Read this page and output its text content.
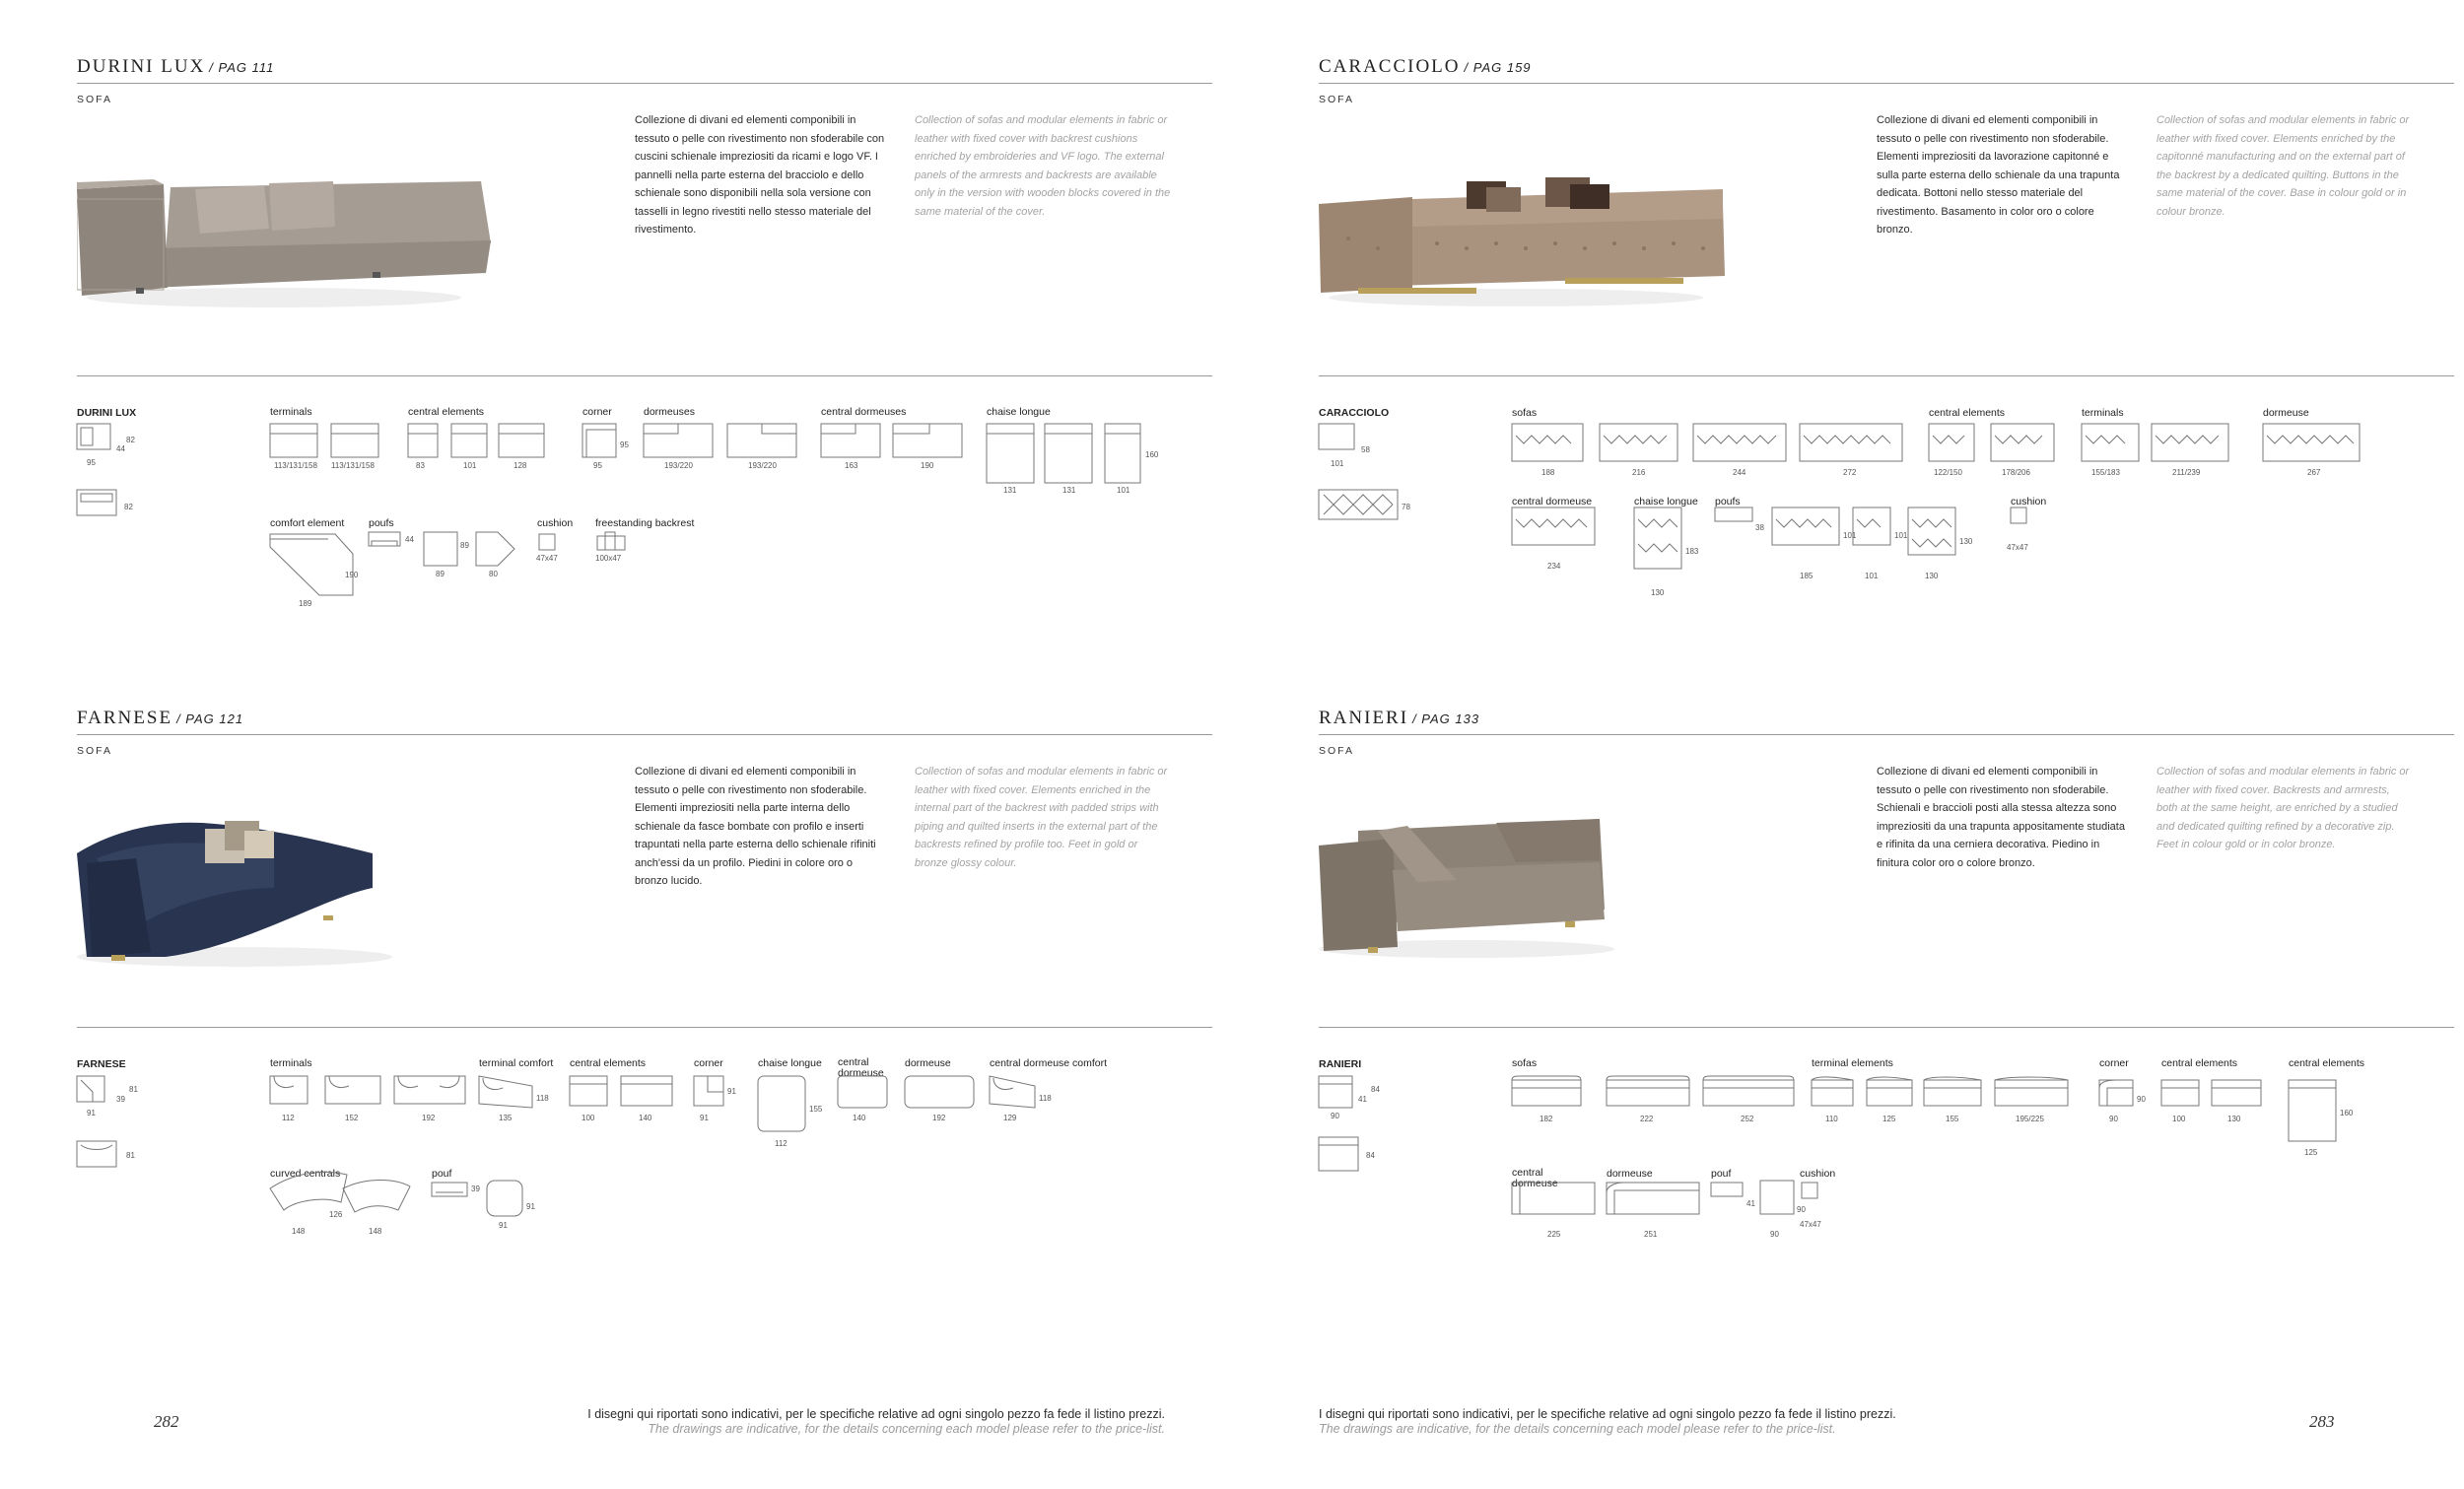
DURINI LUX / PAG 111
SOFA
Collezione di divani ed elementi componibili in tessuto o pelle con rivestimento non sfoderabile con cuscini schienale impreziositi da ricami e logo VF. I pannelli nella parte esterna del bracciolo e dello schienale sono disponibili nella sola versione con tasselli in legno rivestiti nello stesso materiale del rivestimento.
Collection of sofas and modular elements in fabric or leather with fixed cover with backrest cushions enriched by embroideries and VF logo. The external panels of the armrests and backrests are available only in the version with wooden blocks covered in the same material of the cover.
DURINI LUX	terminals	central elements	corner	dormeuses	central dormeuses	chaise longue
comfort element poufs	cushion freestanding backrest
95
44
82
82
113/131/158 113/131/158	83	101	128	95
95
193/220	193/220	163	190
131	131	101
160
190
189
44
89
89
80
47x47	100x47
CARACCIOLO / PAG 159
SOFA
Collezione di divani ed elementi componibili in tessuto o pelle con rivestimento non sfoderabile. Elementi impreziositi da lavorazione capitonné e sulla parte esterna dello schienale da una trapunta dedicata. Bottoni nello stesso materiale del rivestimento. Basamento in color oro o colore bronzo.
Collection of sofas and modular elements in fabric or leather with fixed cover. Elements enriched by the capitonné manufacturing and on the external part of the backrest by a dedicated quilting. Buttons in the same material of the cover. Base in colour gold or in colour bronze.
CARACCIOLO	sofas	central elements	terminals	dormeuse
central dormeuse	chaise longue poufs	cushion
101
58
78
188	216	244	272	122/150	178/206	155/183	211/239	267
234
183
130
38
101	101
130
185	101	130
47x47
FARNESE / PAG 121
SOFA
Collezione di divani ed elementi componibili in tessuto o pelle con rivestimento non sfoderabile. Elementi impreziositi nella parte interna dello schienale da fasce bombate con profilo e inserti trapuntati nella parte esterna dello schienale rifiniti anch'essi da un profilo. Piedini in colore oro o bronzo lucido.
Collection of sofas and modular elements in fabric or leather with fixed cover. Elements enriched in the internal part of the backrest with padded strips with piping and quilted inserts in the external part of the backrests refined by profile too. Feet in gold or bronze glossy colour.
FARNESE	terminals	terminal comfort central elements	corner	chaise longue central dormeuse
dormeuse	central dormeuse comfort
curved centrals	pouf
91
39
81
81
112	152	192
118
135	100	140	91
91
155
112
140	192
118
129
148
126
148
39
91
91
RANIERI / PAG 133
SOFA
Collezione di divani ed elementi componibili in tessuto o pelle con rivestimento non sfoderabile. Schienali e braccioli posti alla stessa altezza sono impreziositi da una trapunta appositamente studiata e rifinita da una cerniera decorativa. Piedino in finitura color oro o colore bronzo.
Collection of sofas and modular elements in fabric or leather with fixed cover. Backrests and armrests, both at the same height, are enriched by a studied and dedicated quilting refined by a decorative zip. Feet in colour gold or in color bronze.
RANIERI	sofas	terminal elements	corner	central elements	central elements
central dormeuse
dormeuse	pouf	cushion
90
41
84
84
182	222	252	110	125	155	195/225
90
90	100	130
160
125
225	251
41
90
90
47x47
282	I disegni qui riportati sono indicativi, per le specifiche relative ad ogni singolo pezzo fa fede il listino prezzi.
The drawings are indicative, for the details concerning each model please refer to the price-list.
I disegni qui riportati sono indicativi, per le specifiche relative ad ogni singolo pezzo fa fede il listino prezzi.
The drawings are indicative, for the details concerning each model please refer to the price-list.	283
